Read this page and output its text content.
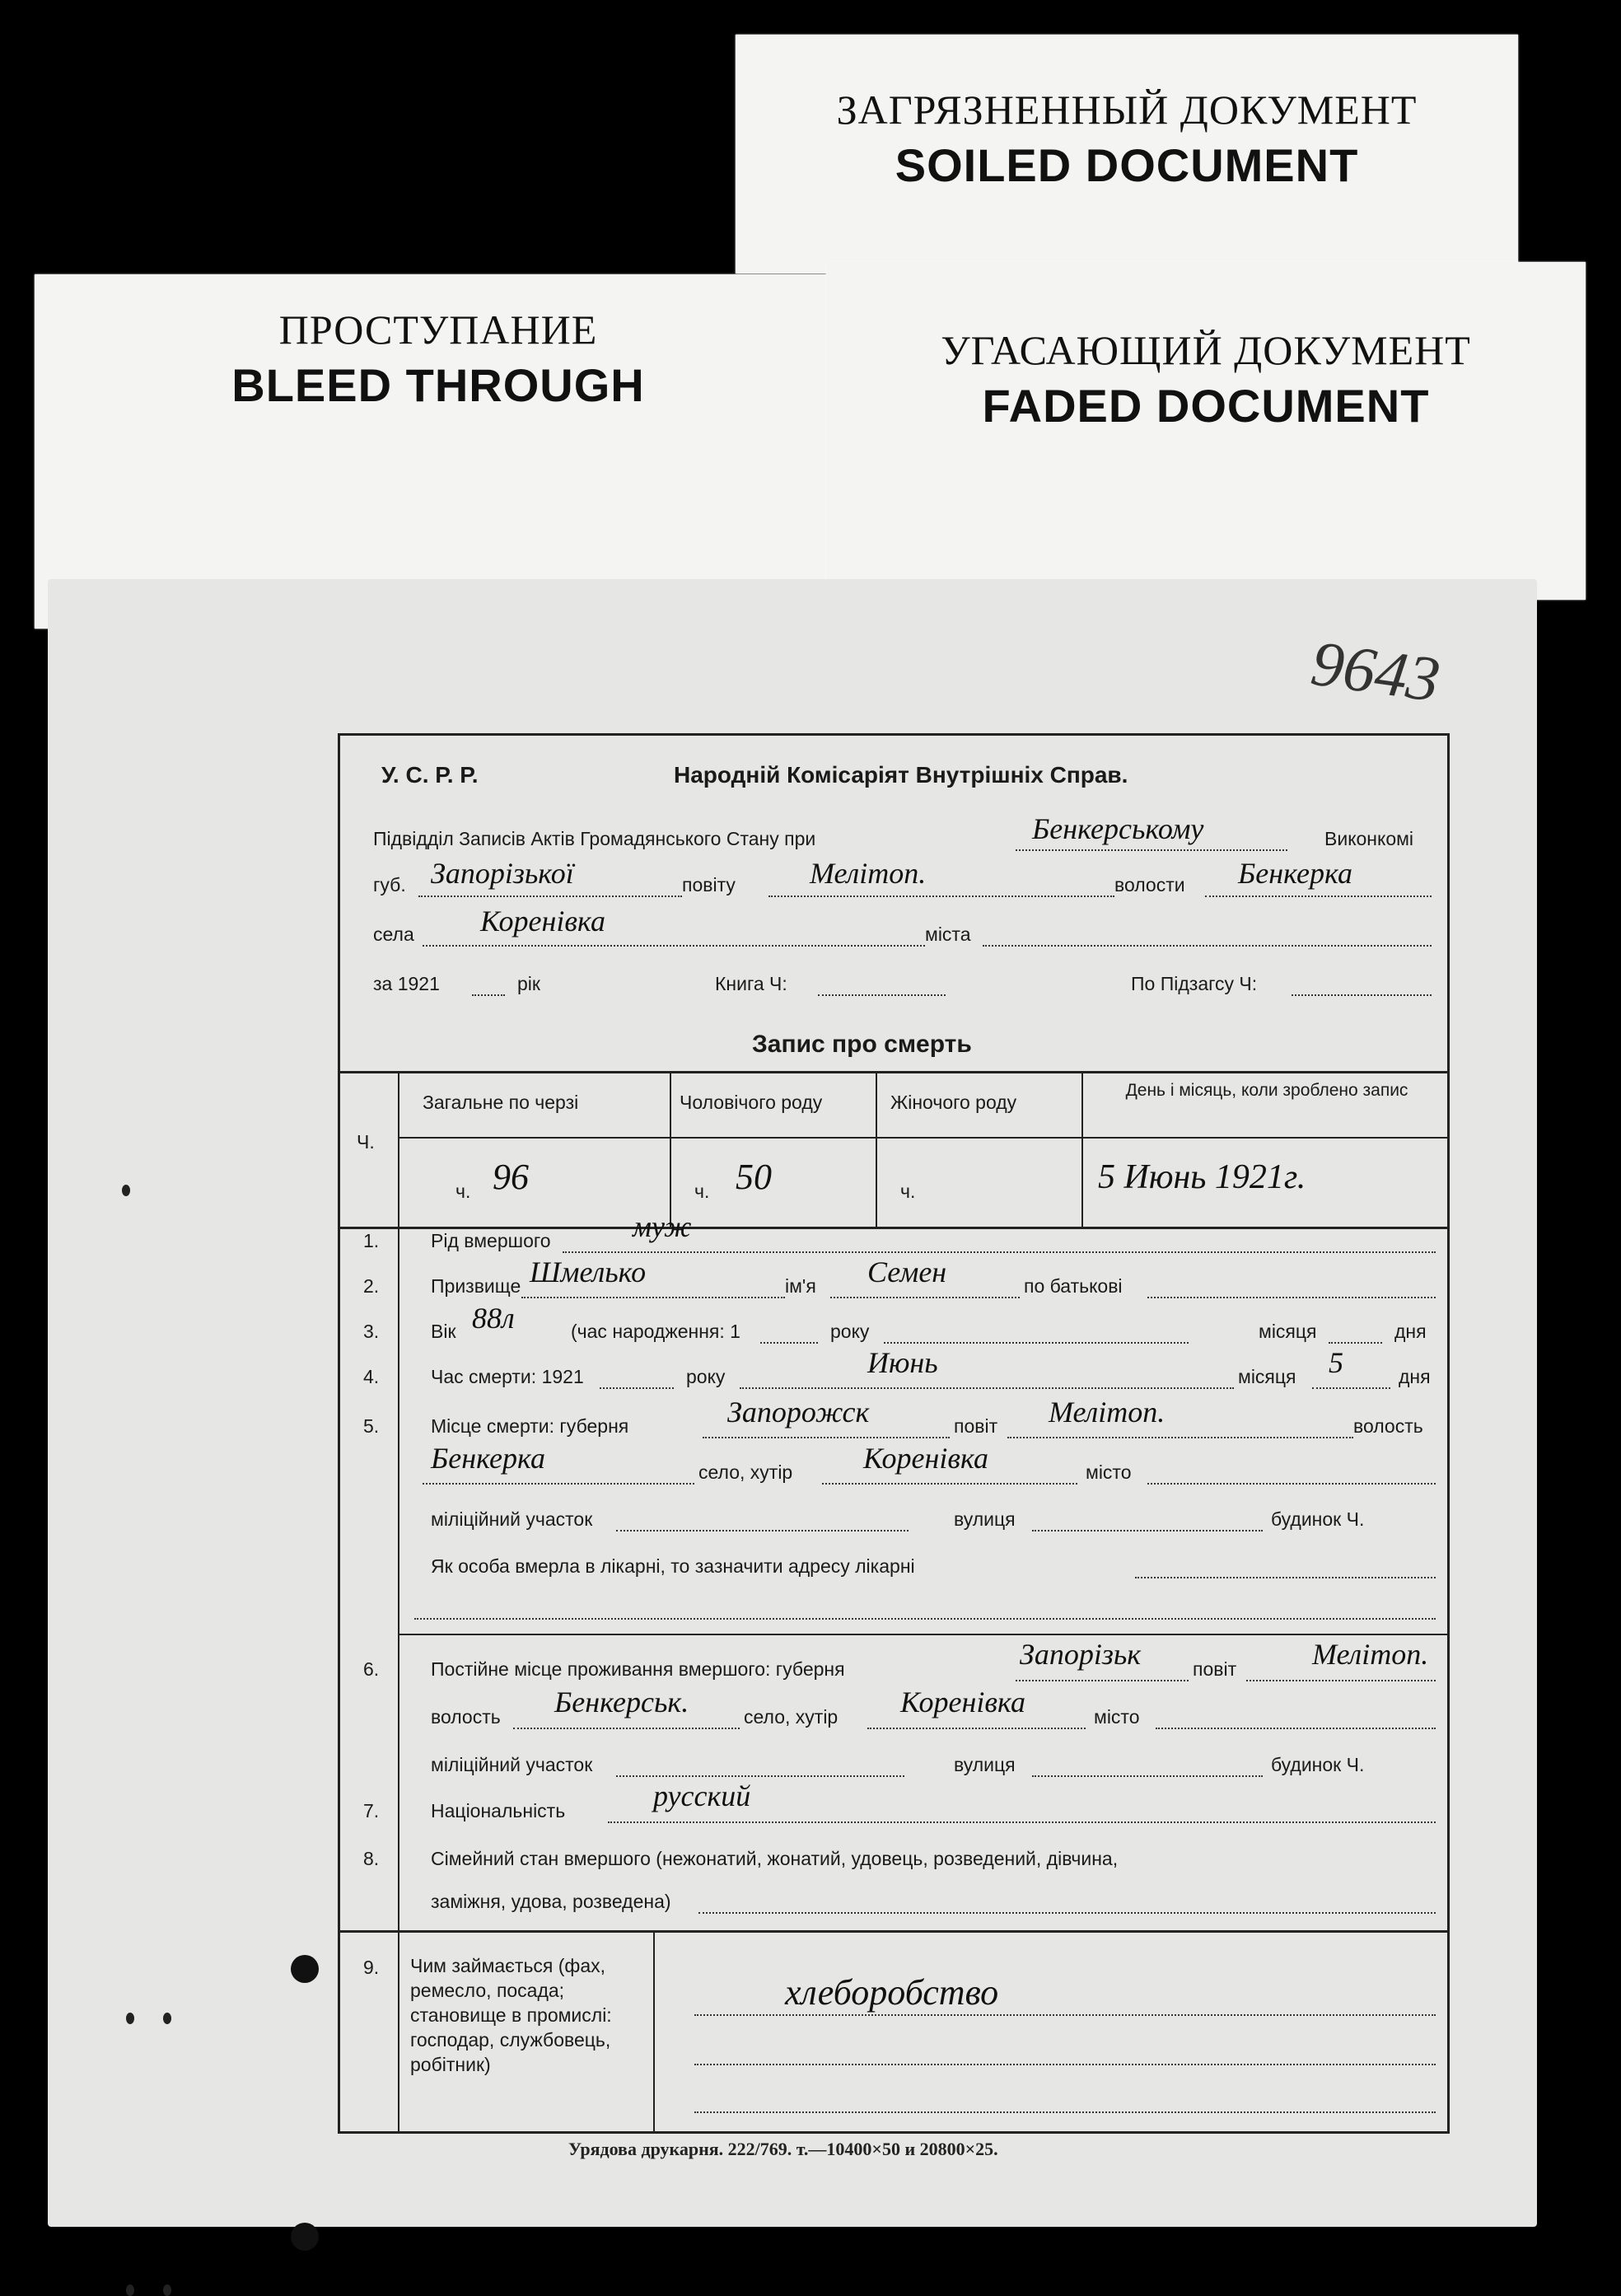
ЗАГРЯЗНЕННЫЙ ДОКУМЕНТ
SOILED DOCUMENT
ПРОСТУПАНИЕ
BLEED THROUGH
УГАСАЮЩИЙ ДОКУМЕНТ
FADED DOCUMENT
9643
У. С. Р. Р.	Народній Комісаріят Внутрішніх Справ.
Підвідділ Записів Актів Громадянського Стану при	Бенкерському	Виконкомі
губ. Запорізької	повіту	Мелітоп.	волости Бенкерка
села Коренівка	міста
за 1921	рік	Книга Ч:	По Підзагсу Ч:
Запис про смерть
Ч.
Загальне по черзі	Чоловічого роду	Жіночого роду
День і місяць, коли зроблено запис
ч. 96	ч. 50	ч.	5 Июнь 1921г.
1.	Рід вмершого	муж
2.	Призвище Шмелько	ім'я Семен	по батькові
3.	Вік 88л	(час народження: 1	року	місяця	дня
4.	Час смерти: 1921	року	Июнь	місяця 5	дня
5.	Місце смерти: губерня	Запорожск	повіт Мелітоп.	волость
Бенкерка	село, хутір Коренівка	місто
міліційний участок	вулиця	будинок Ч.
Як особа вмерла в лікарні, то зазначити адресу лікарні
6.	Постійне місце проживання вмершого: губерня	Запорізьк	повіт	Мелітоп.
волость Бенкерськ.	село, хутір Коренівка	місто
міліційний участок	вулиця	будинок Ч.
7.	Національність	русский
8.	Сімейний стан вмершого (нежонатий, жонатий, удовець, розведений, дівчина,
заміжня, удова, розведена)
9. Чим займається (фах, ремесло, посада; становище в промислі: господар, службовець, робітник)
хлеборобство
Урядова друкарня. 222/769. т.—10400×50 и 20800×25.
